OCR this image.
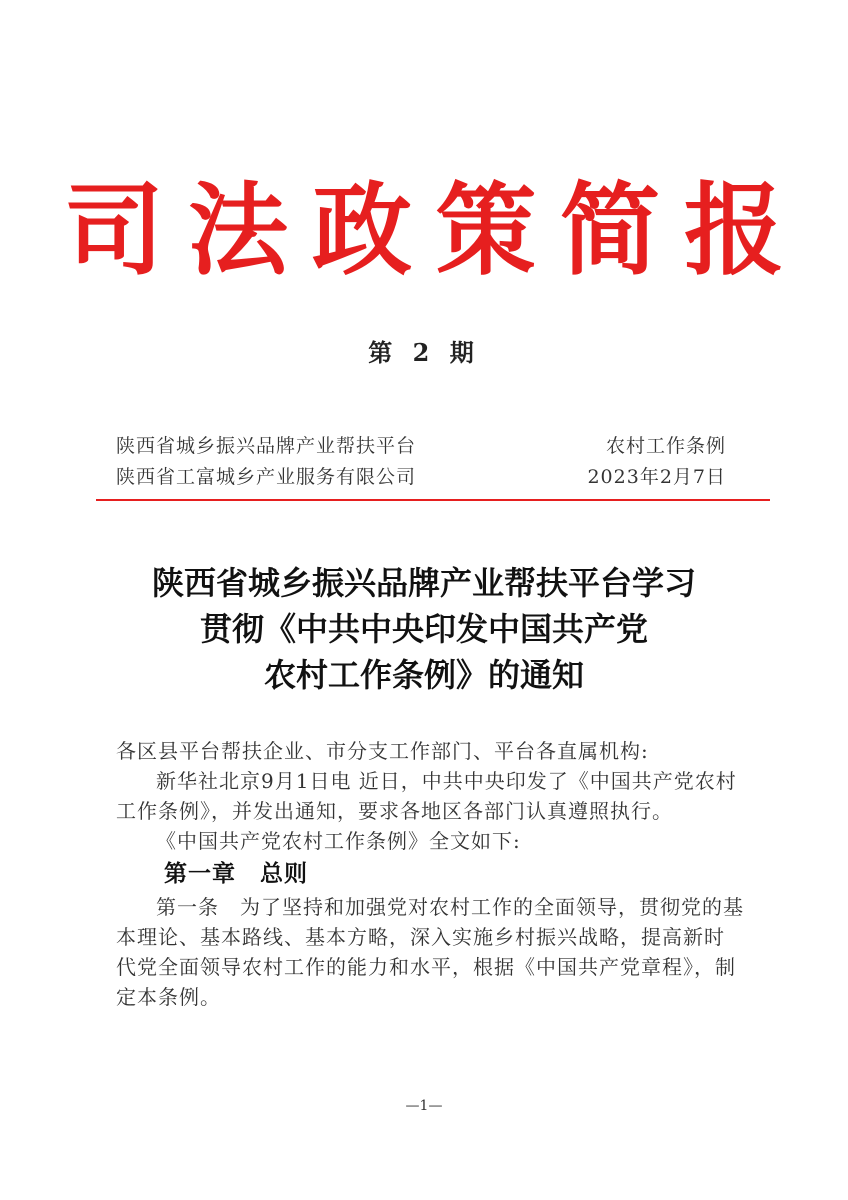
司法政策简报
第 2 期
陕西省城乡振兴品牌产业帮扶平台	农村工作条例
陕西省工富城乡产业服务有限公司	2023年2月7日
陕西省城乡振兴品牌产业帮扶平台学习
贯彻《中共中央印发中国共产党
农村工作条例》的通知

各区县平台帮扶企业、市分支工作部门、平台各直属机构:

新华社北京9月1日电 近日，中共中央印发了《中国共产党农村工作条例》，并发出通知，要求各地区各部门认真遵照执行。

《中国共产党农村工作条例》全文如下:

第一章 总则

第一条　为了坚持和加强党对农村工作的全面领导，贯彻党的基本理论、基本路线、基本方略，深入实施乡村振兴战略，提高新时代党全面领导农村工作的能力和水平，根据《中国共产党章程》，制定本条例。

—1—
